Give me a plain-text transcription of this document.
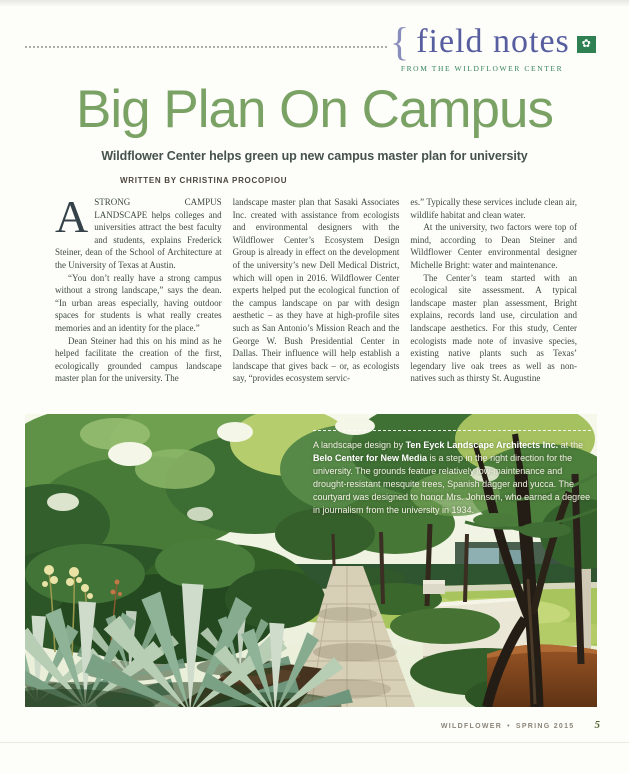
{ field notes	✿
FROM THE WILDFLOWER CENTER
Big Plan On Campus
Wildflower Center helps green up new campus master plan for university
WRITTEN BY CHRISTINA PROCOPIOU

ASTRONG CAMPUS LANDSCAPE helps colleges and universities attract the best faculty and students, explains Frederick Steiner, dean of the School of Architecture at the University of Texas at Austin.

“You don’t really have a strong campus without a strong landscape,” says the dean. “In urban areas especially, having outdoor spaces for students is what really creates memories and an identity for the place.”

Dean Steiner had this on his mind as he helped facilitate the creation of the first, ecologically grounded campus landscape master plan for the university. The

landscape master plan that Sasaki Associates Inc. created with assistance from ecologists and environmental designers with the Wildflower Center’s Ecosystem Design Group is already in effect on the development of the university’s new Dell Medical District, which will open in 2016. Wildflower Center experts helped put the ecological function of the campus landscape on par with design aesthetic – as they have at high-profile sites such as San Antonio’s Mission Reach and the George W. Bush Presidential Center in Dallas. Their influence will help establish a landscape that gives back – or, as ecologists say, “provides ecosystem servic-

es.” Typically these services include clean air, wildlife habitat and clean water.

At the university, two factors were top of mind, according to Dean Steiner and Wildflower Center environmental designer Michelle Bright: water and maintenance.

The Center’s team started with an ecological site assessment. A typical landscape master plan assessment, Bright explains, records land use, circulation and landscape aesthetics. For this study, Center ecologists made note of invasive species, existing native plants such as Texas’ legendary live oak trees as well as non-natives such as thirsty St. Augustine

A landscape design by Ten Eyck Landscape Architects Inc. at the Belo Center for New Media is a step in the right direction for the university. The grounds feature relatively low-maintenance and drought-resistant mesquite trees, Spanish dagger and yucca. The courtyard was designed to honor Mrs. Johnson, who earned a degree in journalism from the university in 1934.
WILDFLOWER • SPRING 2015 5
